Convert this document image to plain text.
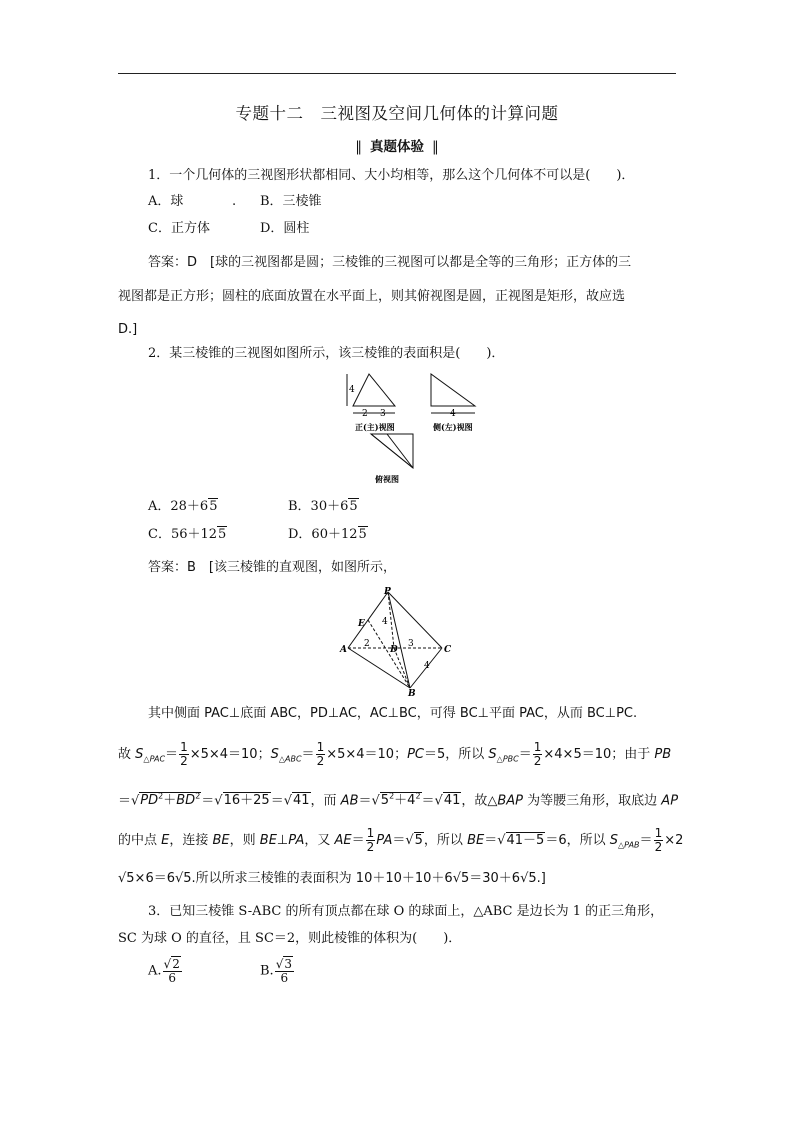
专题十二　三视图及空间几何体的计算问题
‖ 真题体验 ‖
1．一个几何体的三视图形状都相同、大小均相等，那么这个几何体不可以是(　　)．
A．球	. B．三棱锥
C．正方体	D．圆柱
答案：D　[球的三视图都是圆；三棱锥的三视图可以都是全等的三角形；正方体的三
视图都是正方形；圆柱的底面放置在水平面上，则其俯视图是圆，正视图是矩形，故应选
D.]
2．某三棱锥的三视图如图所示，该三棱锥的表面积是(　　)．
4
2 3	4
正(主)视图	侧(左)视图
俯视图
A．28＋65	B．30＋65
C．56＋125	D．60＋125
答案：B　[该三棱锥的直观图，如图所示，
P
E
A	D	C
B
4
2	3
4
其中侧面 PAC⊥底面 ABC，PD⊥AC，AC⊥BC，可得 BC⊥平面 PAC，从而 BC⊥PC.
故 $S_{\triangle PAC}= \frac{1}{2} \times 5\times 4=10$；$S_{\triangle ABC}= \frac{1}{2} \times 5\times 4=10$；PC＝5，所以 $S_{\triangle PBC}= \frac{1}{2} \times 4\times 5=10$；由于 PB
$=√PD^2+BD^2=√16+25=√41$，而 $AB=√5^2+4^2=√41$，故△BAP 为等腰三角形，取底边 AP
的中点 E，连接 BE，则 BE⊥PA，又 $AE= \frac{1}{2} PA=√5$，所以 BE＝√41－5＝6，所以 $S_{\triangle PAB}= \frac{1}{2} \times 2$
√5×6＝6√5.所以所求三棱锥的表面积为 10＋10＋10＋6√5＝30＋6√5.]
3．已知三棱锥 S-ABC 的所有顶点都在球 O 的球面上，△ABC 是边长为 1 的正三角形，
SC 为球 O 的直径，且 SC＝2，则此棱锥的体积为(　　)．
A. $\frac{√2}{6}$	B. $\frac{√3}{6}$
